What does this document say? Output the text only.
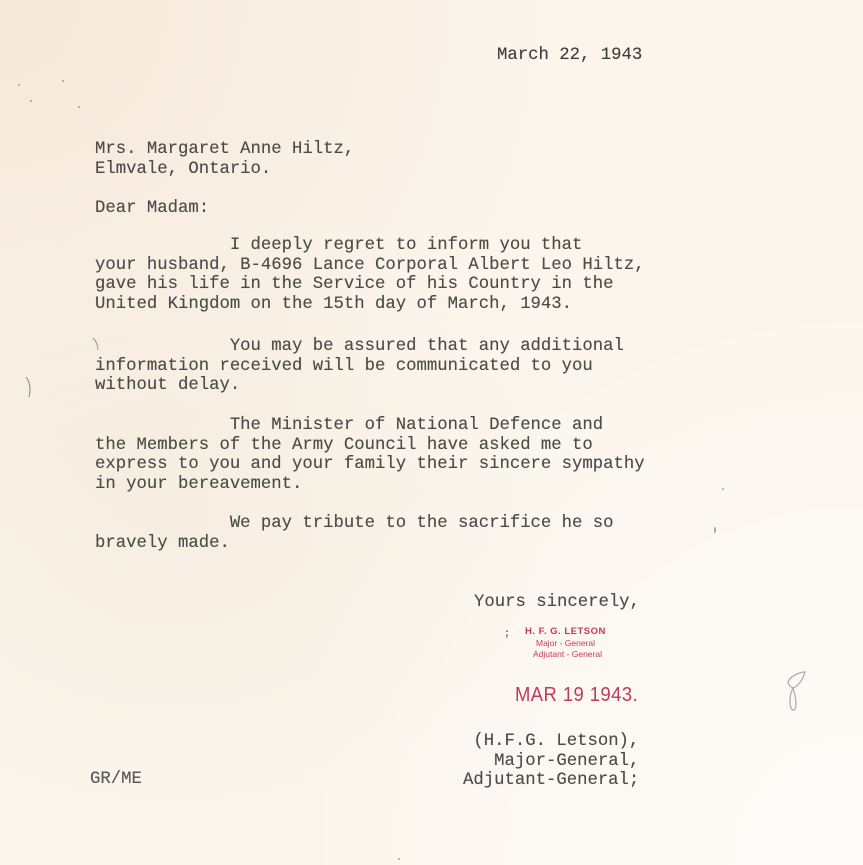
March 22, 1943
Mrs. Margaret Anne Hiltz,
Elmvale, Ontario.
Dear Madam:
I deeply regret to inform you that
your husband, B-4696 Lance Corporal Albert Leo Hiltz,
gave his life in the Service of his Country in the
United Kingdom on the 15th day of March, 1943.
You may be assured that any additional
information received will be communicated to you
without delay.
The Minister of National Defence and
the Members of the Army Council have asked me to
express to you and your family their sincere sympathy
in your bereavement.
We pay tribute to the sacrifice he so
bravely made.
Yours sincerely,
; H. F. G. LETSON
Major - General
Adjutant - General
MAR 19 1943.
(H.F.G. Letson),
Major-General,
Adjutant-General;
GR/ME
